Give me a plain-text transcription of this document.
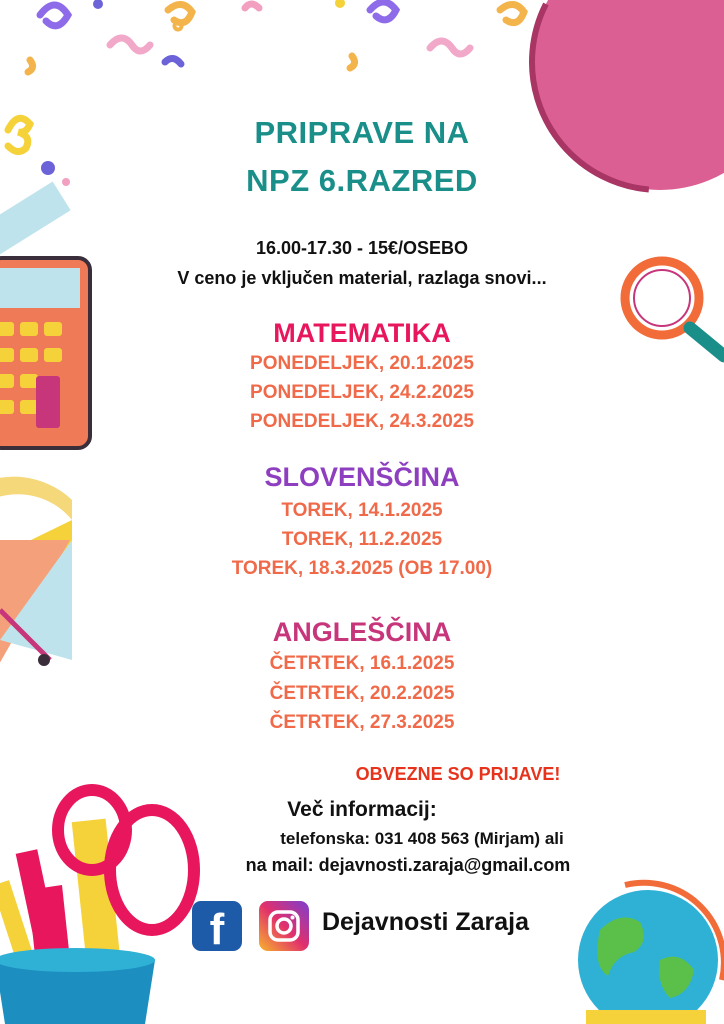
PRIPRAVE NA
NPZ 6.RAZRED
16.00-17.30 - 15€/OSEBO
V ceno je vključen material, razlaga snovi...
MATEMATIKA
PONEDELJEK, 20.1.2025
PONEDELJEK, 24.2.2025
PONEDELJEK, 24.3.2025
SLOVENŠČINA
TOREK, 14.1.2025
TOREK, 11.2.2025
TOREK, 18.3.2025 (OB 17.00)
ANGLEŠČINA
ČETRTEK, 16.1.2025
ČETRTEK, 20.2.2025
ČETRTEK, 27.3.2025
OBVEZNE SO PRIJAVE!
Več informacij:
telefonska: 031 408 563 (Mirjam) ali
na mail: dejavnosti.zaraja@gmail.com
f	Dejavnosti Zaraja
